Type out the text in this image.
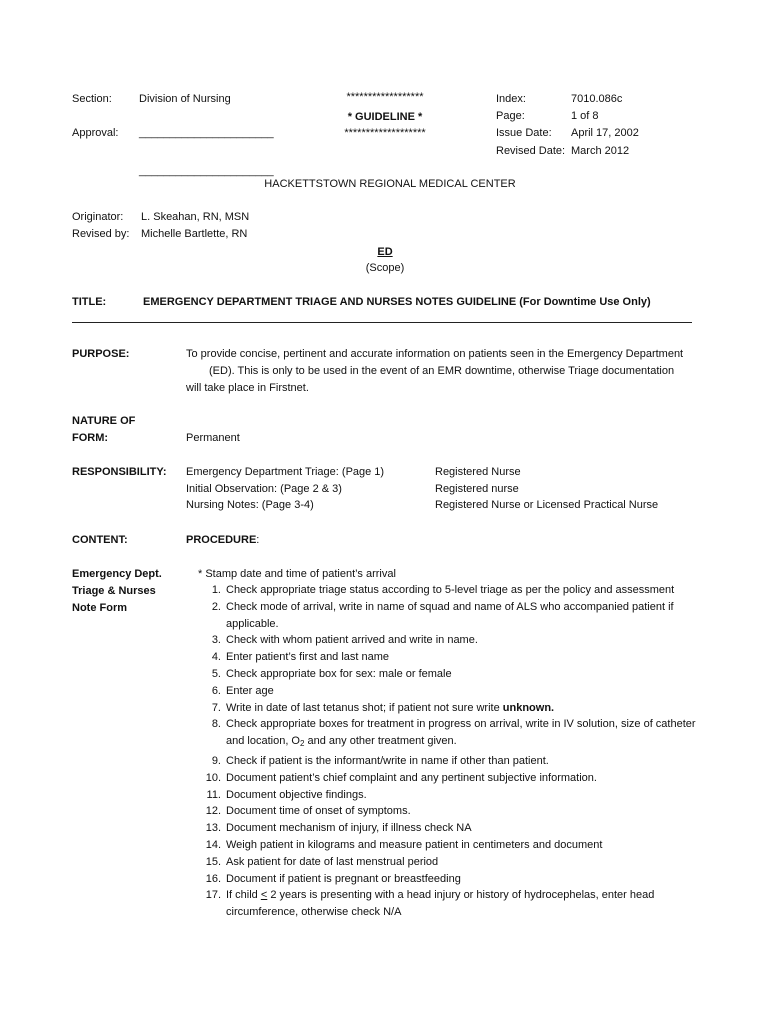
Section: Division of Nursing
Approval: ______________________
______________________
******************
* GUIDELINE *
*******************
Index:	7010.086c
Page:	1 of 8
Issue Date: April 17, 2002
Revised Date: March 2012
HACKETTSTOWN REGIONAL MEDICAL CENTER
Originator: L. Skeahan, RN, MSN
Revised by: Michelle Bartlette, RN
ED
(Scope)
TITLE:	EMERGENCY DEPARTMENT TRIAGE AND NURSES NOTES GUIDELINE (For Downtime Use Only)
PURPOSE:	To provide concise, pertinent and accurate information on patients seen in the Emergency Department
(ED). This is only to be used in the event of an EMR downtime, otherwise Triage documentation
will take place in Firstnet.
NATURE OF
FORM:	Permanent
RESPONSIBILITY: Emergency Department Triage: (Page 1)	Registered Nurse
Initial Observation: (Page 2 & 3)	Registered nurse
Nursing Notes: (Page 3-4)	Registered Nurse or Licensed Practical Nurse
CONTENT:	PROCEDURE:
Emergency Dept.
Triage & Nurses
Note Form
* Stamp date and time of patient’s arrival
1. Check appropriate triage status according to 5-level triage as per the policy and assessment
2. Check mode of arrival, write in name of squad and name of ALS who accompanied patient if applicable.
3. Check with whom patient arrived and write in name.
4. Enter patient’s first and last name
5. Check appropriate box for sex: male or female
6. Enter age
7. Write in date of last tetanus shot; if patient not sure write unknown.
8. Check appropriate boxes for treatment in progress on arrival, write in IV solution, size of catheter and location, $O_2$ and any other treatment given.
9. Check if patient is the informant/write in name if other than patient.
10. Document patient’s chief complaint and any pertinent subjective information.
11. Document objective findings.
12. Document time of onset of symptoms.
13. Document mechanism of injury, if illness check NA
14. Weigh patient in kilograms and measure patient in centimeters and document
15. Ask patient for date of last menstrual period
16. Document if patient is pregnant or breastfeeding
17. If child ≤ 2 years is presenting with a head injury or history of hydrocephelas, enter head circumference, otherwise check N/A
